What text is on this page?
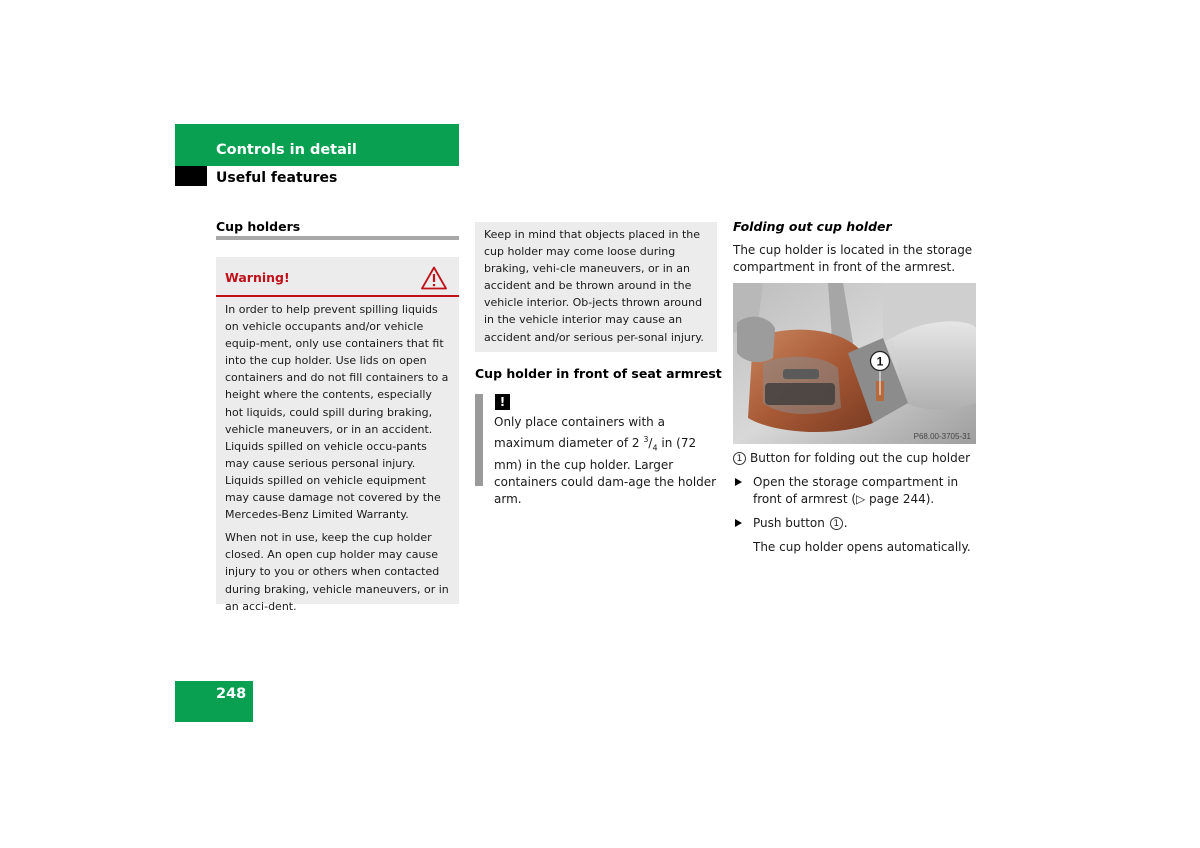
Controls in detail
Useful features
Cup holders
Warning!

In order to help prevent spilling liquids on vehicle occupants and/or vehicle equip-ment, only use containers that fit into the cup holder. Use lids on open containers and do not fill containers to a height where the contents, especially hot liquids, could spill during braking, vehicle maneuvers, or in an accident. Liquids spilled on vehicle occu-pants may cause serious personal injury. Liquids spilled on vehicle equipment may cause damage not covered by the Mercedes-Benz Limited Warranty.

When not in use, keep the cup holder closed. An open cup holder may cause injury to you or others when contacted during braking, vehicle maneuvers, or in an acci-dent.

Keep in mind that objects placed in the cup holder may come loose during braking, vehi-cle maneuvers, or in an accident and be thrown around in the vehicle interior. Ob-jects thrown around in the vehicle interior may cause an accident and/or serious per-sonal injury.
Cup holder in front of seat armrest
!
Only place containers with a maximum diameter of 2 $^3/_4$ in (72 mm) in the cup holder. Larger containers could dam-age the holder arm.
Folding out cup holder
The cup holder is located in the storage compartment in front of the armrest.
1
P68.00-3705-31
1 Button for folding out the cup holder
Open the storage compartment in front of armrest (▷ page 244).
Push button 1 .
The cup holder opens automatically.
248
